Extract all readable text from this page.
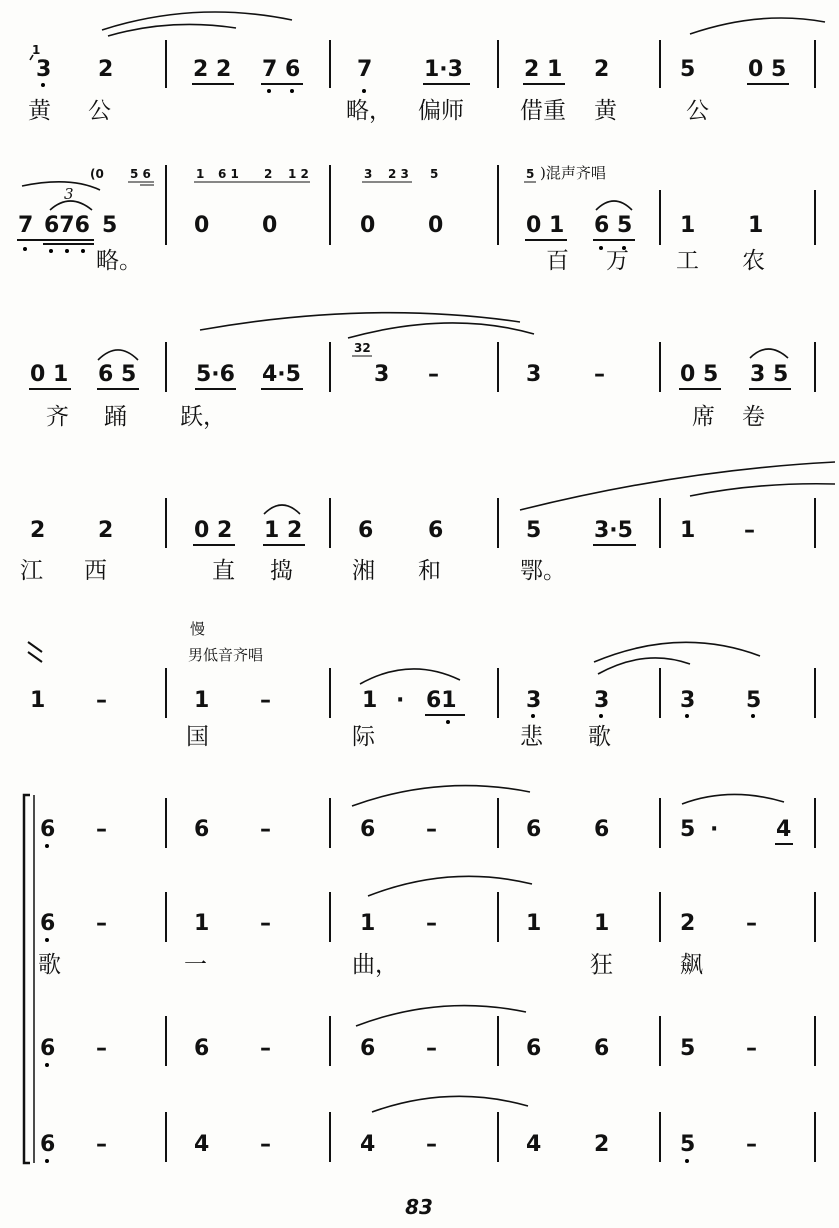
1
3 2	2 2 7 6	7 1·3	2 1 2	5 0 5
黄 公	略， 偏师 借重 黄	公
(0 5 6	1 6 1 2 1 2	3 2 3 5	5 )混声齐唱
3
7 676 5	0 0	0 0	0 1 6 5 1 1
略。	百 万 工 农
32
0 1 6 5	5·6 4·5	3 –	3 –	0 5 3 5
齐 踊 跃，	席 卷
2 2	0 2 1 2	6 6	5 3·5 1 –
江 西	直 捣	湘 和	鄂。
慢
男低音齐唱
1 –	1 –	1 · 61	3 3	3 5
国	际	悲 歌
6 –	6 –	6 –	6 6	5 ·	4
6 –	1 –	1 –	1 1	2 –
歌	一	曲，	狂	飙
6 –	6 –	6 –	6 6	5 –
6 –	4 –	4 –	4 2	5 –
83
